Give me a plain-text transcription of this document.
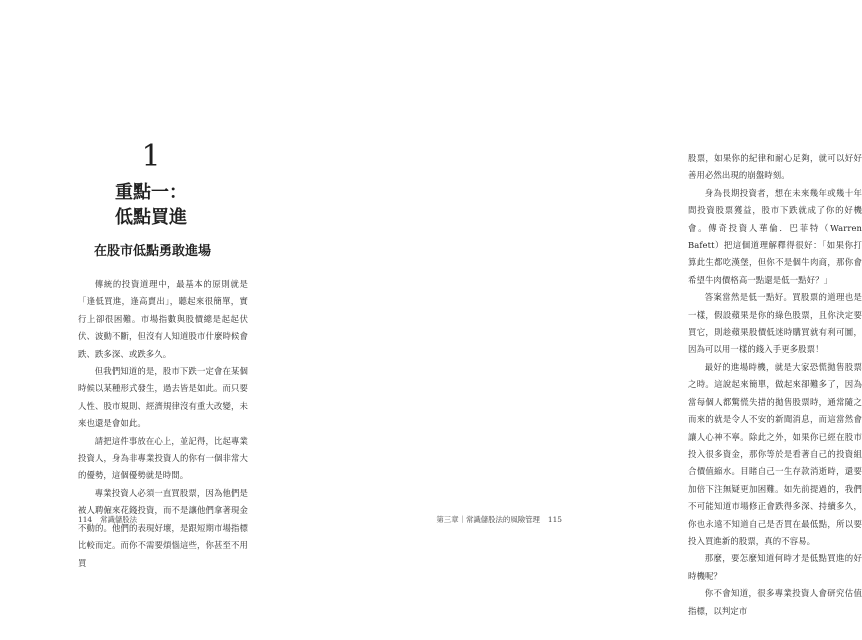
1
重點一：
低點買進
在股市低點勇敢進場

傳統的投資道理中，最基本的原則就是「逢低買進，逢高賣出」，聽起來很簡單，實行上卻很困難。市場指數與股價總是起起伏伏、波動不斷，但沒有人知道股市什麼時候會跌、跌多深、或跌多久。

但我們知道的是，股市下跌一定會在某個時候以某種形式發生，過去皆是如此。而只要人性、股市規則、經濟規律沒有重大改變，未來也還是會如此。

請把這件事放在心上，並記得，比起專業投資人，身為非專業投資人的你有一個非常大的優勢，這個優勢就是時間。

專業投資人必須一直買股票，因為他們是被人聘僱來花錢投資，而不是讓他們拿著現金不動的。他們的表現好壞，是跟短期市場指標比較而定。而你不需要煩惱這些，你甚至不用買

114 常識儲股法

股票，如果你的紀律和耐心足夠，就可以好好善用必然出現的崩盤時刻。

身為長期投資者，想在未來幾年或幾十年間投資股票獲益，股市下跌就成了你的好機會。傳奇投資人華倫．巴菲特（Warren Bafett）把這個道理解釋得很好：「如果你打算此生都吃漢堡，但你不是個牛肉商，那你會希望牛肉價格高一點還是低一點好？」

答案當然是低一點好。買股票的道理也是一樣，假設蘋果是你的綠色股票，且你決定要買它，則趁蘋果股價低迷時購買就有利可圖，因為可以用一樣的錢入手更多股票！

最好的進場時機，就是大家恐慌拋售股票之時。這說起來簡單，做起來卻難多了，因為當每個人都驚慌失措的拋售股票時，通常隨之而來的就是令人不安的新聞消息，而這當然會讓人心神不寧。除此之外，如果你已經在股市投入很多資金，那你等於是看著自己的投資組合價值縮水。目睹自己一生存款消逝時，還要加倍下注無疑更加困難。如先前提過的，我們不可能知道市場修正會跌得多深、持續多久，你也永遠不知道自己是否買在最低點，所以要投入買進新的股票，真的不容易。

那麼，要怎麼知道何時才是低點買進的好時機呢？

你不會知道，很多專業投資人會研究估值指標，以判定市

第三章｜常識儲股法的風險管理 115
